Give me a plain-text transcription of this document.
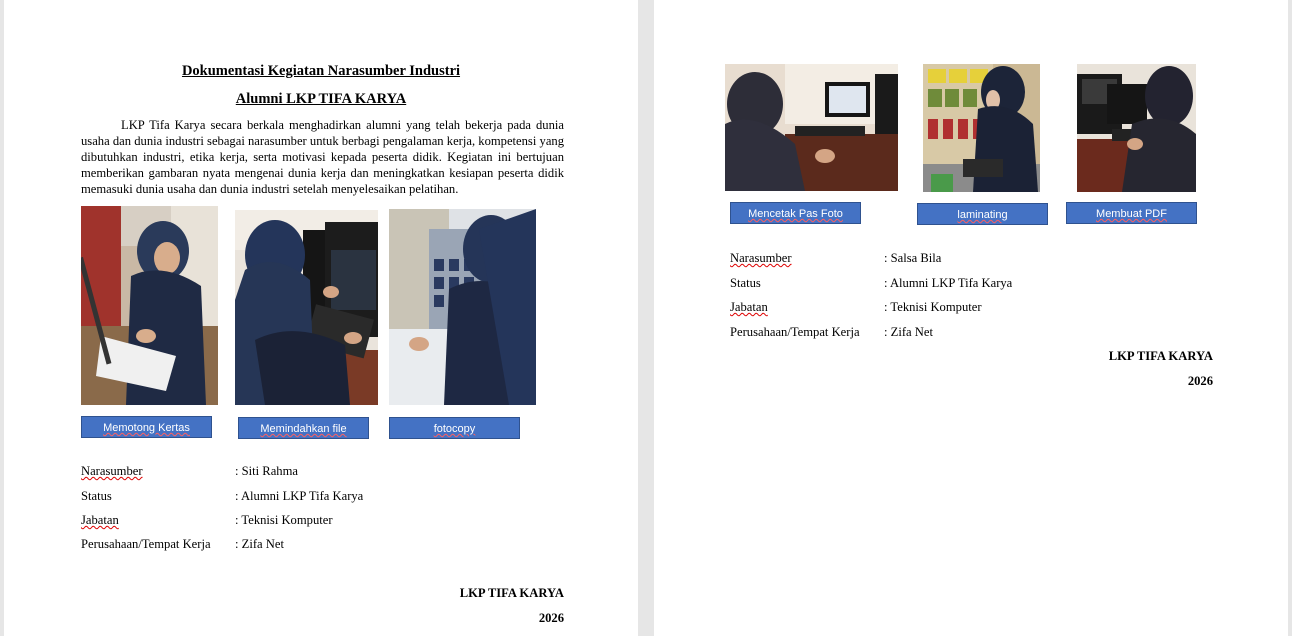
Dokumentasi Kegiatan Narasumber Industri
Alumni LKP TIFA KARYA
LKP Tifa Karya secara berkala menghadirkan alumni yang telah bekerja pada dunia usaha dan dunia industri sebagai narasumber untuk berbagi pengalaman kerja, kompetensi yang dibutuhkan industri, etika kerja, serta motivasi kepada peserta didik. Kegiatan ini bertujuan memberikan gambaran nyata mengenai dunia kerja dan meningkatkan kesiapan peserta didik memasuki dunia usaha dan dunia industri setelah menyelesaikan pelatihan.
Memotong Kertas	Memindahkan file	fotocopy
Narasumber	: Siti Rahma
Status	: Alumni LKP Tifa Karya
Jabatan	: Teknisi Komputer
Perusahaan/Tempat Kerja : Zifa Net
LKP TIFA KARYA
2026
Mencetak Pas Foto	laminating	Membuat PDF
Narasumber	: Salsa Bila
Status	: Alumni LKP Tifa Karya
Jabatan	: Teknisi Komputer
Perusahaan/Tempat Kerja : Zifa Net
LKP TIFA KARYA
2026
